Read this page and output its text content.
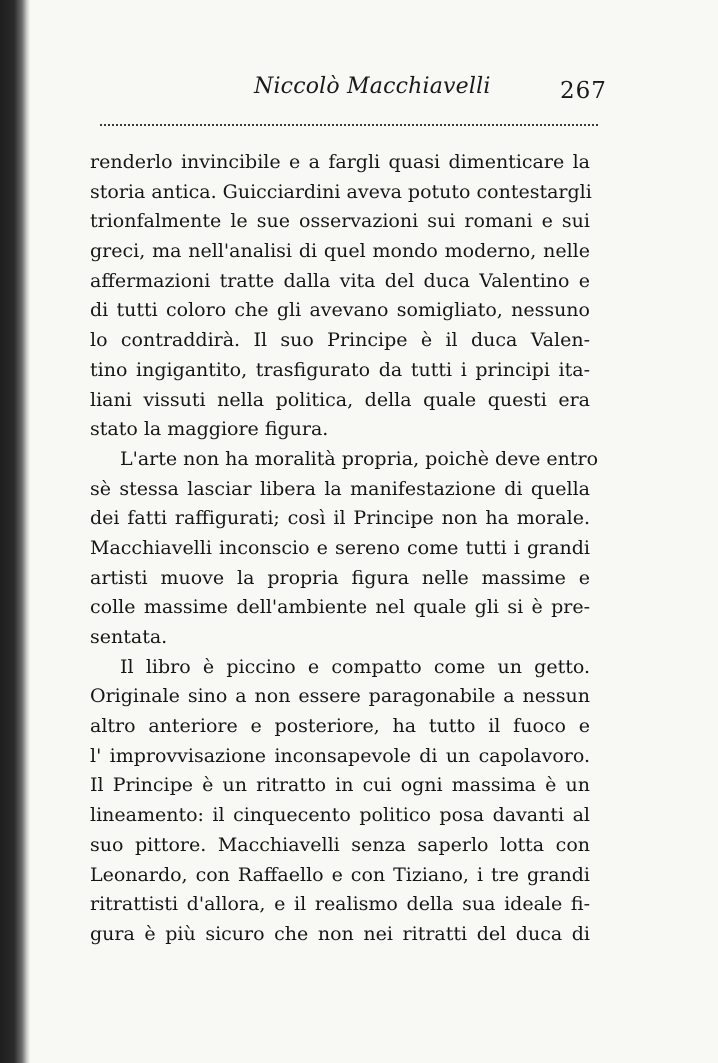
Niccolò Macchiavelli	267

renderlo invincibile e a fargli quasi dimenticare la
storia antica. Guicciardini aveva potuto contestargli
trionfalmente le sue osservazioni sui romani e sui
greci, ma nell'analisi di quel mondo moderno, nelle
affermazioni tratte dalla vita del duca Valentino e
di tutti coloro che gli avevano somigliato, nessuno
lo contraddirà. Il suo Principe è il duca Valen-
tino ingigantito, trasfigurato da tutti i principi ita-
liani vissuti nella politica, della quale questi era
stato la maggiore figura.

L'arte non ha moralità propria, poichè deve entro
sè stessa lasciar libera la manifestazione di quella
dei fatti raffigurati; così il Principe non ha morale.
Macchiavelli inconscio e sereno come tutti i grandi
artisti muove la propria figura nelle massime e
colle massime dell'ambiente nel quale gli si è pre-
sentata.

Il libro è piccino e compatto come un getto.
Originale sino a non essere paragonabile a nessun
altro anteriore e posteriore, ha tutto il fuoco e
l' improvvisazione inconsapevole di un capolavoro.
Il Principe è un ritratto in cui ogni massima è un
lineamento: il cinquecento politico posa davanti al
suo pittore. Macchiavelli senza saperlo lotta con
Leonardo, con Raffaello e con Tiziano, i tre grandi
ritrattisti d'allora, e il realismo della sua ideale fi-
gura è più sicuro che non nei ritratti del duca di
